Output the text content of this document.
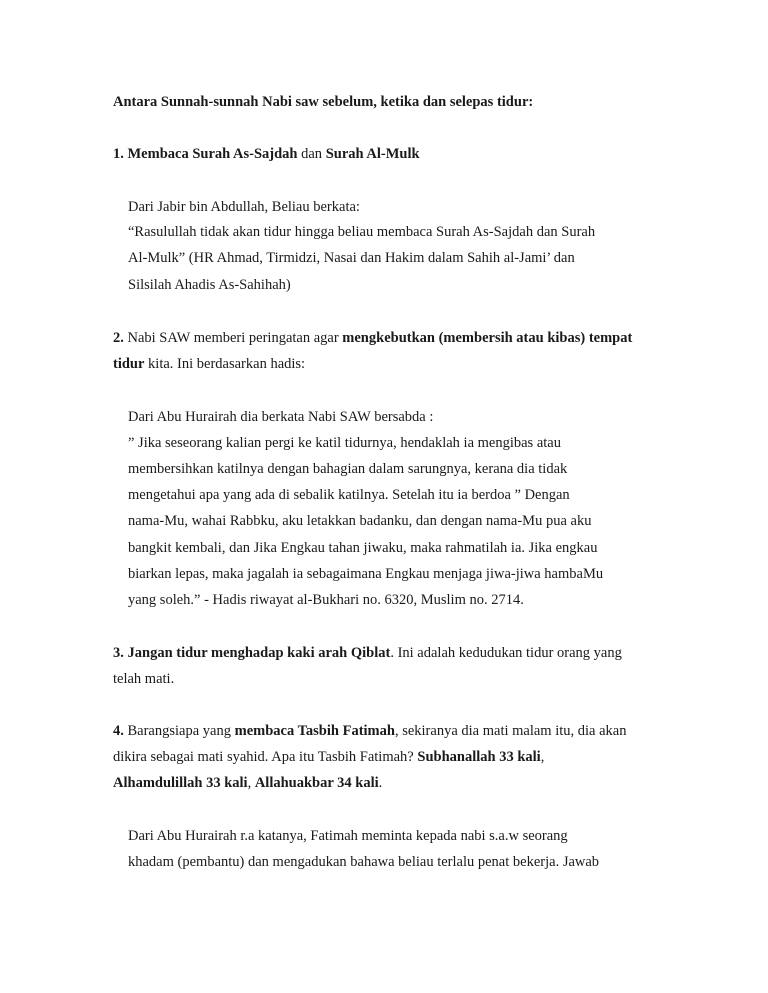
Antara Sunnah-sunnah Nabi saw sebelum, ketika dan selepas tidur:
1. Membaca Surah As-Sajdah dan Surah Al-Mulk
Dari Jabir bin Abdullah, Beliau berkata:
“Rasulullah tidak akan tidur hingga beliau membaca Surah As-Sajdah dan Surah
Al-Mulk” (HR Ahmad, Tirmidzi, Nasai dan Hakim dalam Sahih al-Jami’ dan
Silsilah Ahadis As-Sahihah)
2. Nabi SAW memberi peringatan agar mengkebutkan (membersih atau kibas) tempat
tidur kita. Ini berdasarkan hadis:
Dari Abu Hurairah dia berkata Nabi SAW bersabda :
” Jika seseorang kalian pergi ke katil tidurnya, hendaklah ia mengibas atau
membersihkan katilnya dengan bahagian dalam sarungnya, kerana dia tidak
mengetahui apa yang ada di sebalik katilnya. Setelah itu ia berdoa ” Dengan
nama-Mu, wahai Rabbku, aku letakkan badanku, dan dengan nama-Mu pua aku
bangkit kembali, dan Jika Engkau tahan jiwaku, maka rahmatilah ia. Jika engkau
biarkan lepas, maka jagalah ia sebagaimana Engkau menjaga jiwa-jiwa hambaMu
yang soleh.” - Hadis riwayat al-Bukhari no. 6320, Muslim no. 2714.
3. Jangan tidur menghadap kaki arah Qiblat. Ini adalah kedudukan tidur orang yang
telah mati.
4. Barangsiapa yang membaca Tasbih Fatimah, sekiranya dia mati malam itu, dia akan
dikira sebagai mati syahid. Apa itu Tasbih Fatimah? Subhanallah 33 kali,
Alhamdulillah 33 kali, Allahuakbar 34 kali.
Dari Abu Hurairah r.a katanya, Fatimah meminta kepada nabi s.a.w seorang
khadam (pembantu) dan mengadukan bahawa beliau terlalu penat bekerja. Jawab
